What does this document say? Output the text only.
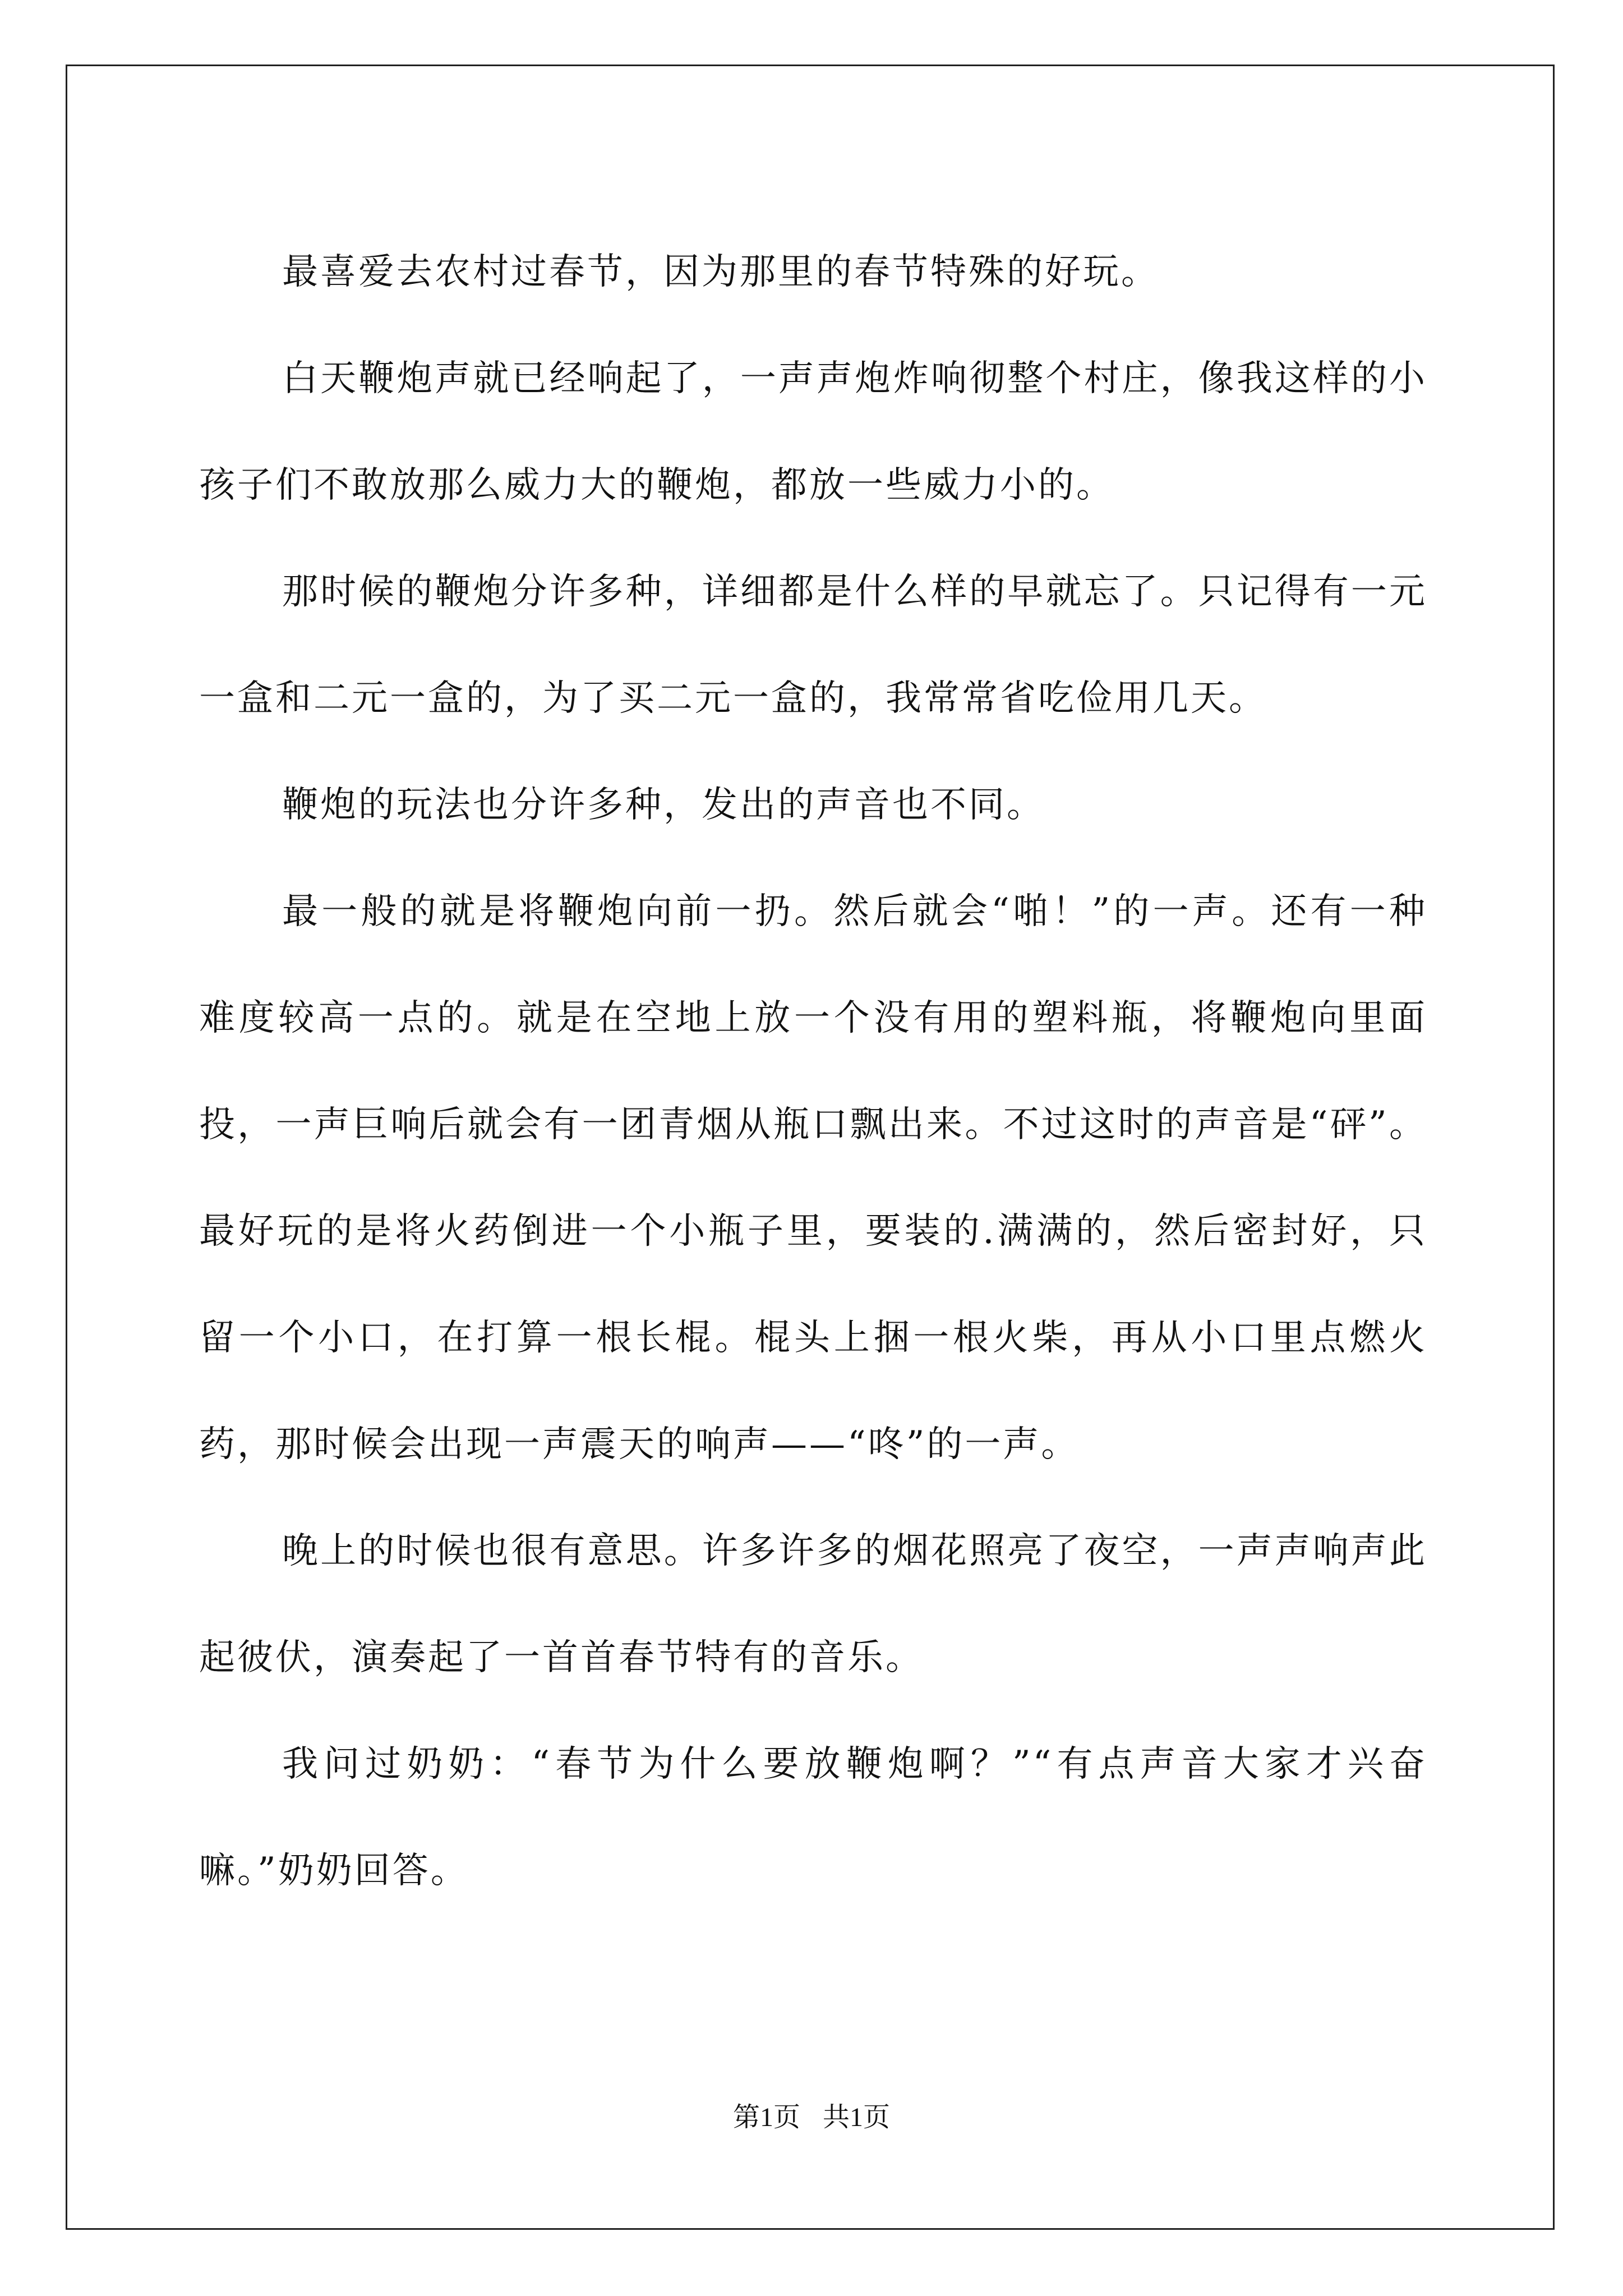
最喜爱去农村过春节，因为那里的春节特殊的好玩。

白天鞭炮声就已经响起了，一声声炮炸响彻整个村庄，像我这样的小孩子们不敢放那么威力大的鞭炮，都放一些威力小的。

那时候的鞭炮分许多种，详细都是什么样的早就忘了。只记得有一元一盒和二元一盒的，为了买二元一盒的，我常常省吃俭用几天。

鞭炮的玩法也分许多种，发出的声音也不同。

最一般的就是将鞭炮向前一扔。然后就会“啪！”的一声。还有一种难度较高一点的。就是在空地上放一个没有用的塑料瓶，将鞭炮向里面投，一声巨响后就会有一团青烟从瓶口飘出来。不过这时的声音是“砰”。最好玩的是将火药倒进一个小瓶子里，要装的.满满的，然后密封好，只留一个小口，在打算一根长棍。棍头上捆一根火柴，再从小口里点燃火药，那时候会出现一声震天的响声——“咚”的一声。

晚上的时候也很有意思。许多许多的烟花照亮了夜空，一声声响声此起彼伏，演奏起了一首首春节特有的音乐。

我问过奶奶：“春节为什么要放鞭炮啊？”“有点声音大家才兴奋嘛。”奶奶回答。

第1页 共1页
